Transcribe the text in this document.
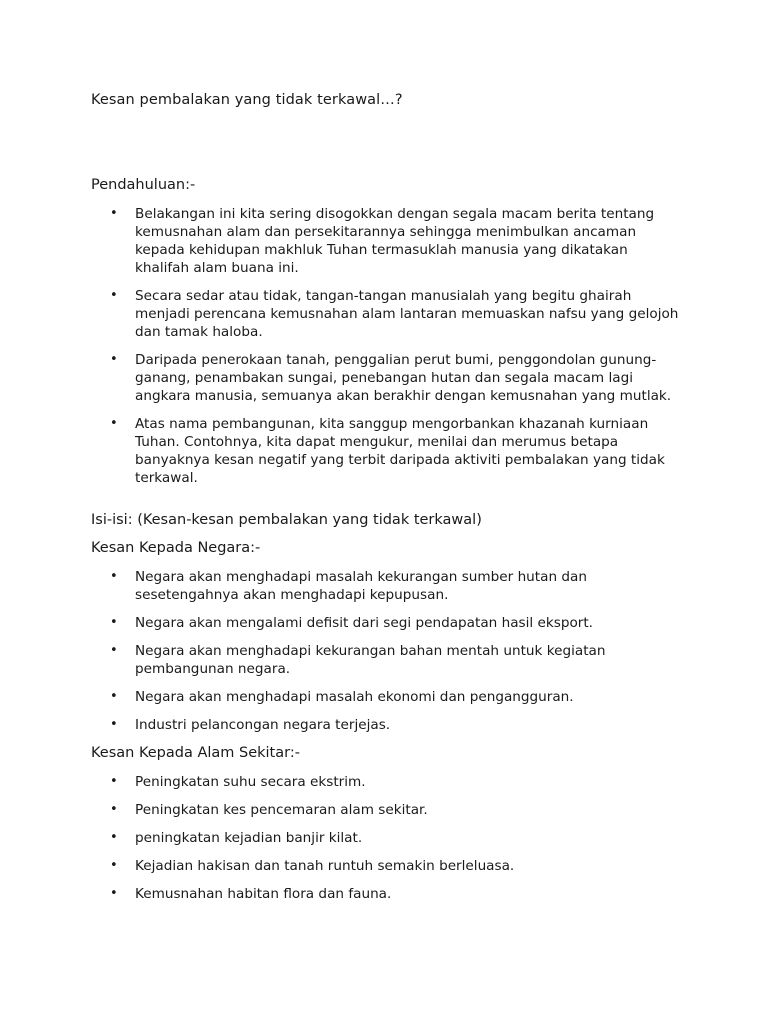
Kesan pembalakan yang tidak terkawal…?

Pendahuluan:-

• Belakangan ini kita sering disogokkan dengan segala macam berita tentang kemusnahan alam dan persekitarannya sehingga menimbulkan ancaman kepada kehidupan makhluk Tuhan termasuklah manusia yang dikatakan khalifah alam buana ini.
• Secara sedar atau tidak, tangan-tangan manusialah yang begitu ghairah menjadi perencana kemusnahan alam lantaran memuaskan nafsu yang gelojoh dan tamak haloba.
• Daripada penerokaan tanah, penggalian perut bumi, penggondolan gunung-ganang, penambakan sungai, penebangan hutan dan segala macam lagi angkara manusia, semuanya akan berakhir dengan kemusnahan yang mutlak.
• Atas nama pembangunan, kita sanggup mengorbankan khazanah kurniaan Tuhan. Contohnya, kita dapat mengukur, menilai dan merumus betapa banyaknya kesan negatif yang terbit daripada aktiviti pembalakan yang tidak terkawal.

Isi-isi: (Kesan-kesan pembalakan yang tidak terkawal)

Kesan Kepada Negara:-

• Negara akan menghadapi masalah kekurangan sumber hutan dan sesetengahnya akan menghadapi kepupusan.
• Negara akan mengalami defisit dari segi pendapatan hasil eksport.
• Negara akan menghadapi kekurangan bahan mentah untuk kegiatan pembangunan negara.
• Negara akan menghadapi masalah ekonomi dan pengangguran.
• Industri pelancongan negara terjejas.

Kesan Kepada Alam Sekitar:-

• Peningkatan suhu secara ekstrim.
• Peningkatan kes pencemaran alam sekitar.
• peningkatan kejadian banjir kilat.
• Kejadian hakisan dan tanah runtuh semakin berleluasa.
• Kemusnahan habitan flora dan fauna.
